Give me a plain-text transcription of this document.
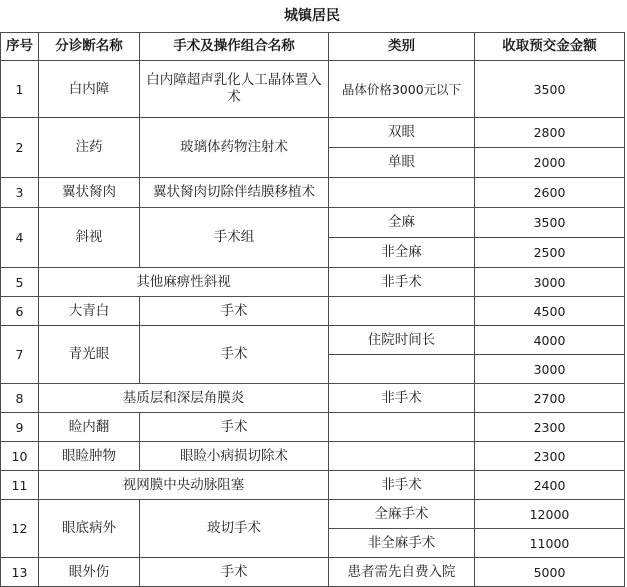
城镇居民
序号	分诊断名称	手术及操作组合名称	类别	收取预交金金额
1	白内障	白内障超声乳化人工晶体置入术	晶体价格3000元以下	3500
2	注药	玻璃体药物注射术	双眼	2800
			单眼	2000
3	翼状胬肉	翼状胬肉切除伴结膜移植术		2600
4	斜视	手术组	全麻	3500
			非全麻	2500
5	其他麻痹性斜视		非手术	3000
6	大青白	手术		4500
7	青光眼	手术	住院时间长	4000
				3000
8	基质层和深层角膜炎		非手术	2700
9	睑内翻	手术		2300
10	眼睑肿物	眼睑小病损切除术		2300
11	视网膜中央动脉阻塞		非手术	2400
12	眼底病外	玻切手术	全麻手术	12000
			非全麻手术	11000
13	眼外伤	手术	患者需先自费入院	5000
